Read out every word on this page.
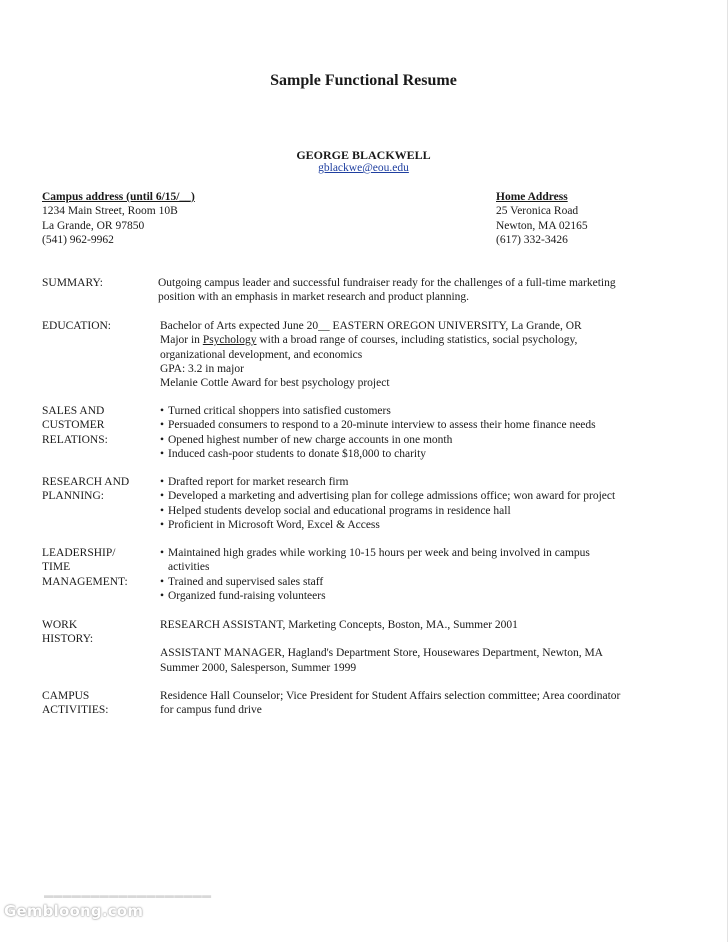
Sample Functional Resume
GEORGE BLACKWELL
gblackwe@eou.edu
Campus address (until 6/15/__)
1234 Main Street, Room 10B
La Grande, OR 97850
(541) 962-9962
Home Address
25 Veronica Road
Newton, MA 02165
(617) 332-3426
SUMMARY:	Outgoing campus leader and successful fundraiser ready for the challenges of a full-time marketing
position with an emphasis in market research and product planning.
EDUCATION:	Bachelor of Arts expected June 20__ EASTERN OREGON UNIVERSITY, La Grande, OR
Major in Psychology with a broad range of courses, including statistics, social psychology,
organizational development, and economics
GPA: 3.2 in major
Melanie Cottle Award for best psychology project
SALES AND
CUSTOMER
RELATIONS:
• Turned critical shoppers into satisfied customers
• Persuaded consumers to respond to a 20-minute interview to assess their home finance needs
• Opened highest number of new charge accounts in one month
• Induced cash-poor students to donate $18,000 to charity
RESEARCH AND
PLANNING:
• Drafted report for market research firm
• Developed a marketing and advertising plan for college admissions office; won award for project
• Helped students develop social and educational programs in residence hall
• Proficient in Microsoft Word, Excel & Access
LEADERSHIP/
TIME
MANAGEMENT:
• Maintained high grades while working 10-15 hours per week and being involved in campus
activities
• Trained and supervised sales staff
• Organized fund-raising volunteers
WORK
HISTORY:
RESEARCH ASSISTANT, Marketing Concepts, Boston, MA., Summer 2001
ASSISTANT MANAGER, Hagland's Department Store, Housewares Department, Newton, MA
Summer 2000, Salesperson, Summer 1999
CAMPUS
ACTIVITIES:
Residence Hall Counselor; Vice President for Student Affairs selection committee; Area coordinator
for campus fund drive
▬▬▬▬▬▬▬▬▬▬▬▬▬▬▬▬▬▬
Gembloong.com
